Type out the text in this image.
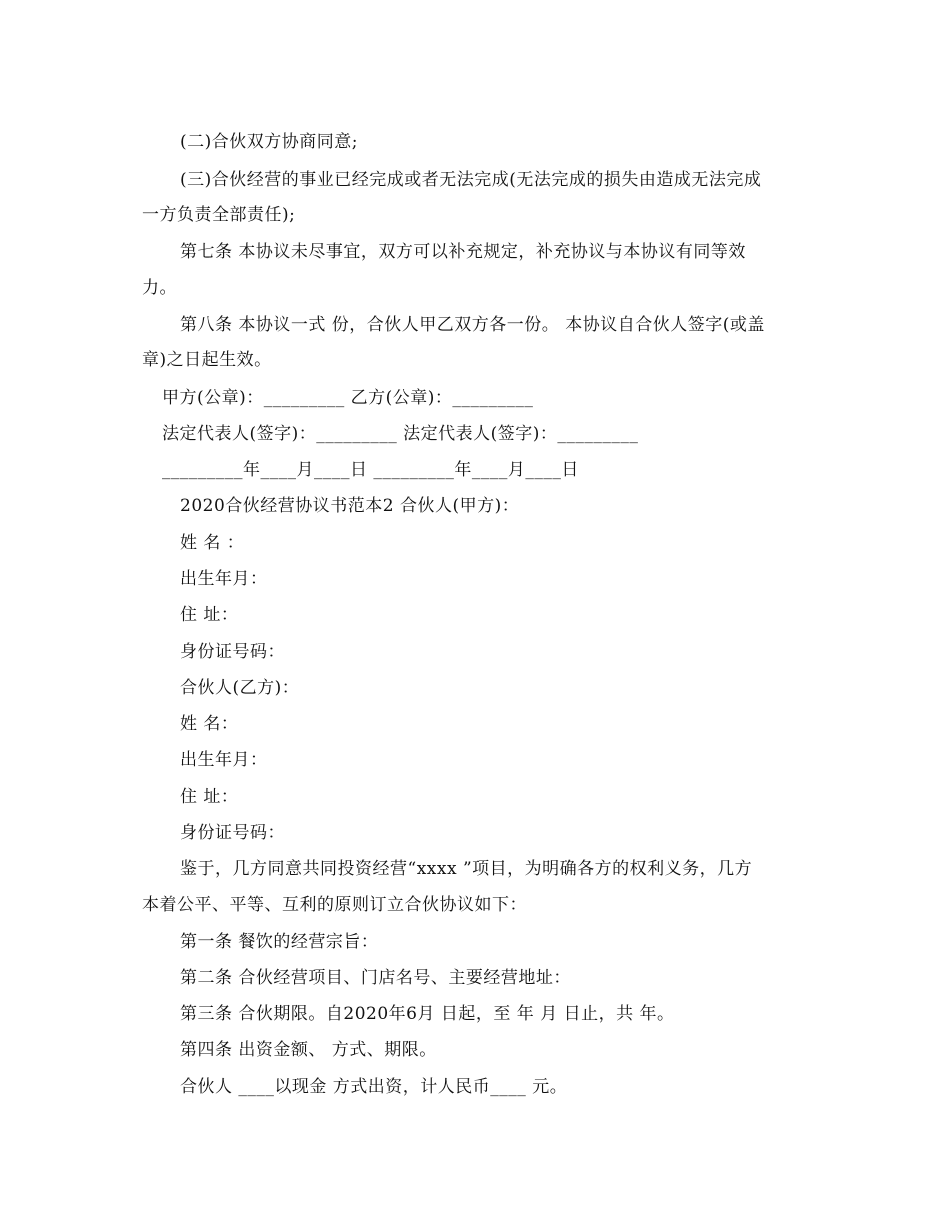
(二)合伙双方协商同意;
(三)合伙经营的事业已经完成或者无法完成(无法完成的损失由造成无法完成
一方负责全部责任);
第七条 本协议未尽事宜，双方可以补充规定，补充协议与本协议有同等效
力。
第八条 本协议一式 份，合伙人甲乙双方各一份。 本协议自合伙人签字(或盖
章)之日起生效。
甲方(公章)：_________ 乙方(公章)：_________
法定代表人(签字)：_________ 法定代表人(签字)：_________
_________年____月____日 _________年____月____日
2020合伙经营协议书范本2 合伙人(甲方)：
姓 名 ：
出生年月：
住 址：
身份证号码：
合伙人(乙方)：
姓 名：
出生年月：
住 址：
身份证号码：
鉴于，几方同意共同投资经营“xxxx ”项目，为明确各方的权利义务，几方
本着公平、平等、互利的原则订立合伙协议如下：
第一条 餐饮的经营宗旨：
第二条 合伙经营项目、门店名号、主要经营地址：
第三条 合伙期限。自2020年6月 日起，至 年 月 日止，共 年。
第四条 出资金额、 方式、期限。
合伙人 ____以现金 方式出资，计人民币____ 元。
